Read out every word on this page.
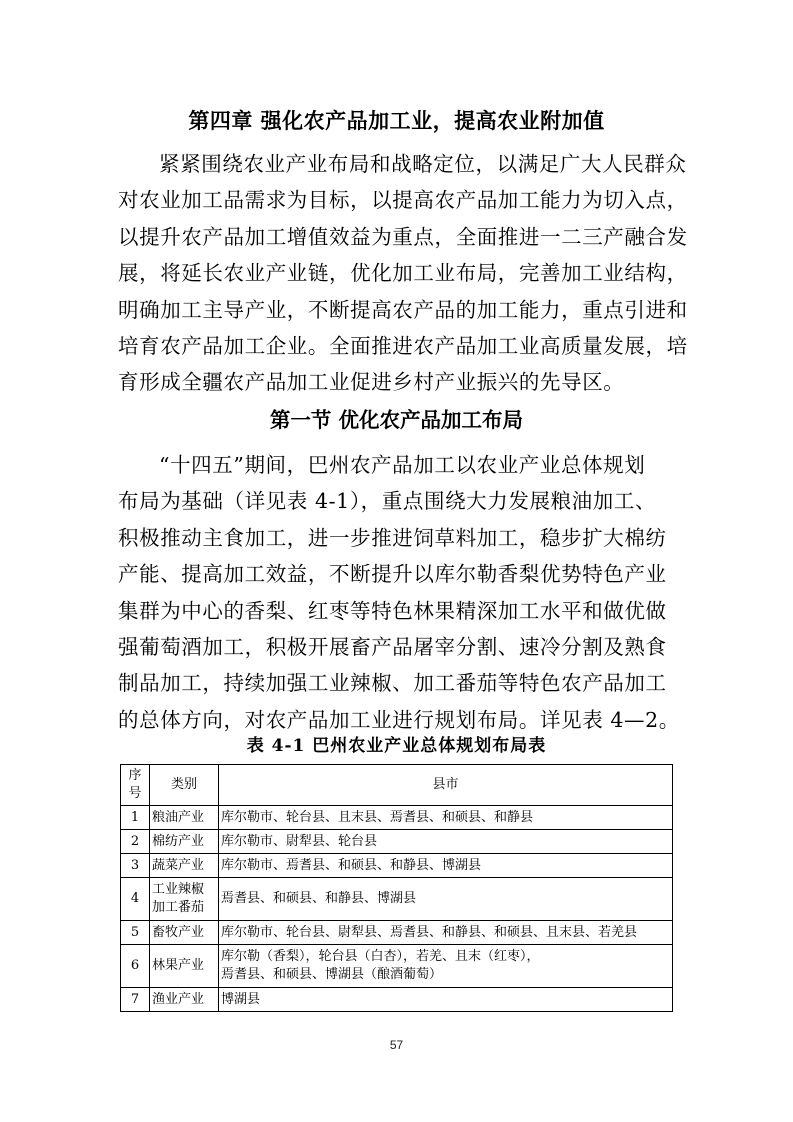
第四章 强化农产品加工业，提高农业附加值
紧紧围绕农业产业布局和战略定位，以满足广大人民群众
对农业加工品需求为目标，以提高农产品加工能力为切入点，
以提升农产品加工增值效益为重点，全面推进一二三产融合发
展，将延长农业产业链，优化加工业布局，完善加工业结构，
明确加工主导产业，不断提高农产品的加工能力，重点引进和
培育农产品加工企业。全面推进农产品加工业高质量发展，培
育形成全疆农产品加工业促进乡村产业振兴的先导区。
第一节 优化农产品加工布局
“十四五”期间，巴州农产品加工以农业产业总体规划
布局为基础（详见表 4-1），重点围绕大力发展粮油加工、
积极推动主食加工，进一步推进饲草料加工，稳步扩大棉纺
产能、提高加工效益，不断提升以库尔勒香梨优势特色产业
集群为中心的香梨、红枣等特色林果精深加工水平和做优做
强葡萄酒加工，积极开展畜产品屠宰分割、速冷分割及熟食
制品加工，持续加强工业辣椒、加工番茄等特色农产品加工
的总体方向，对农产品加工业进行规划布局。详见表 4—2。
表 4-1 巴州农业产业总体规划布局表
序号	类别	县市
1	粮油产业	库尔勒市、轮台县、且末县、焉耆县、和硕县、和静县

2	棉纺产业	库尔勒市、尉犁县、轮台县

3	蔬菜产业	库尔勒市、焉耆县、和硕县、和静县、博湖县

4	工业辣椒
加工番茄	焉耆县、和硕县、和静县、博湖县

5	畜牧产业	库尔勒市、轮台县、尉犁县、焉耆县、和静县、和硕县、且末县、若羌县

6	林果产业	库尔勒（香梨），轮台县（白杏），若羌、且末（红枣），
焉耆县、和硕县、博湖县（酿酒葡萄）

7	渔业产业	博湖县
57
